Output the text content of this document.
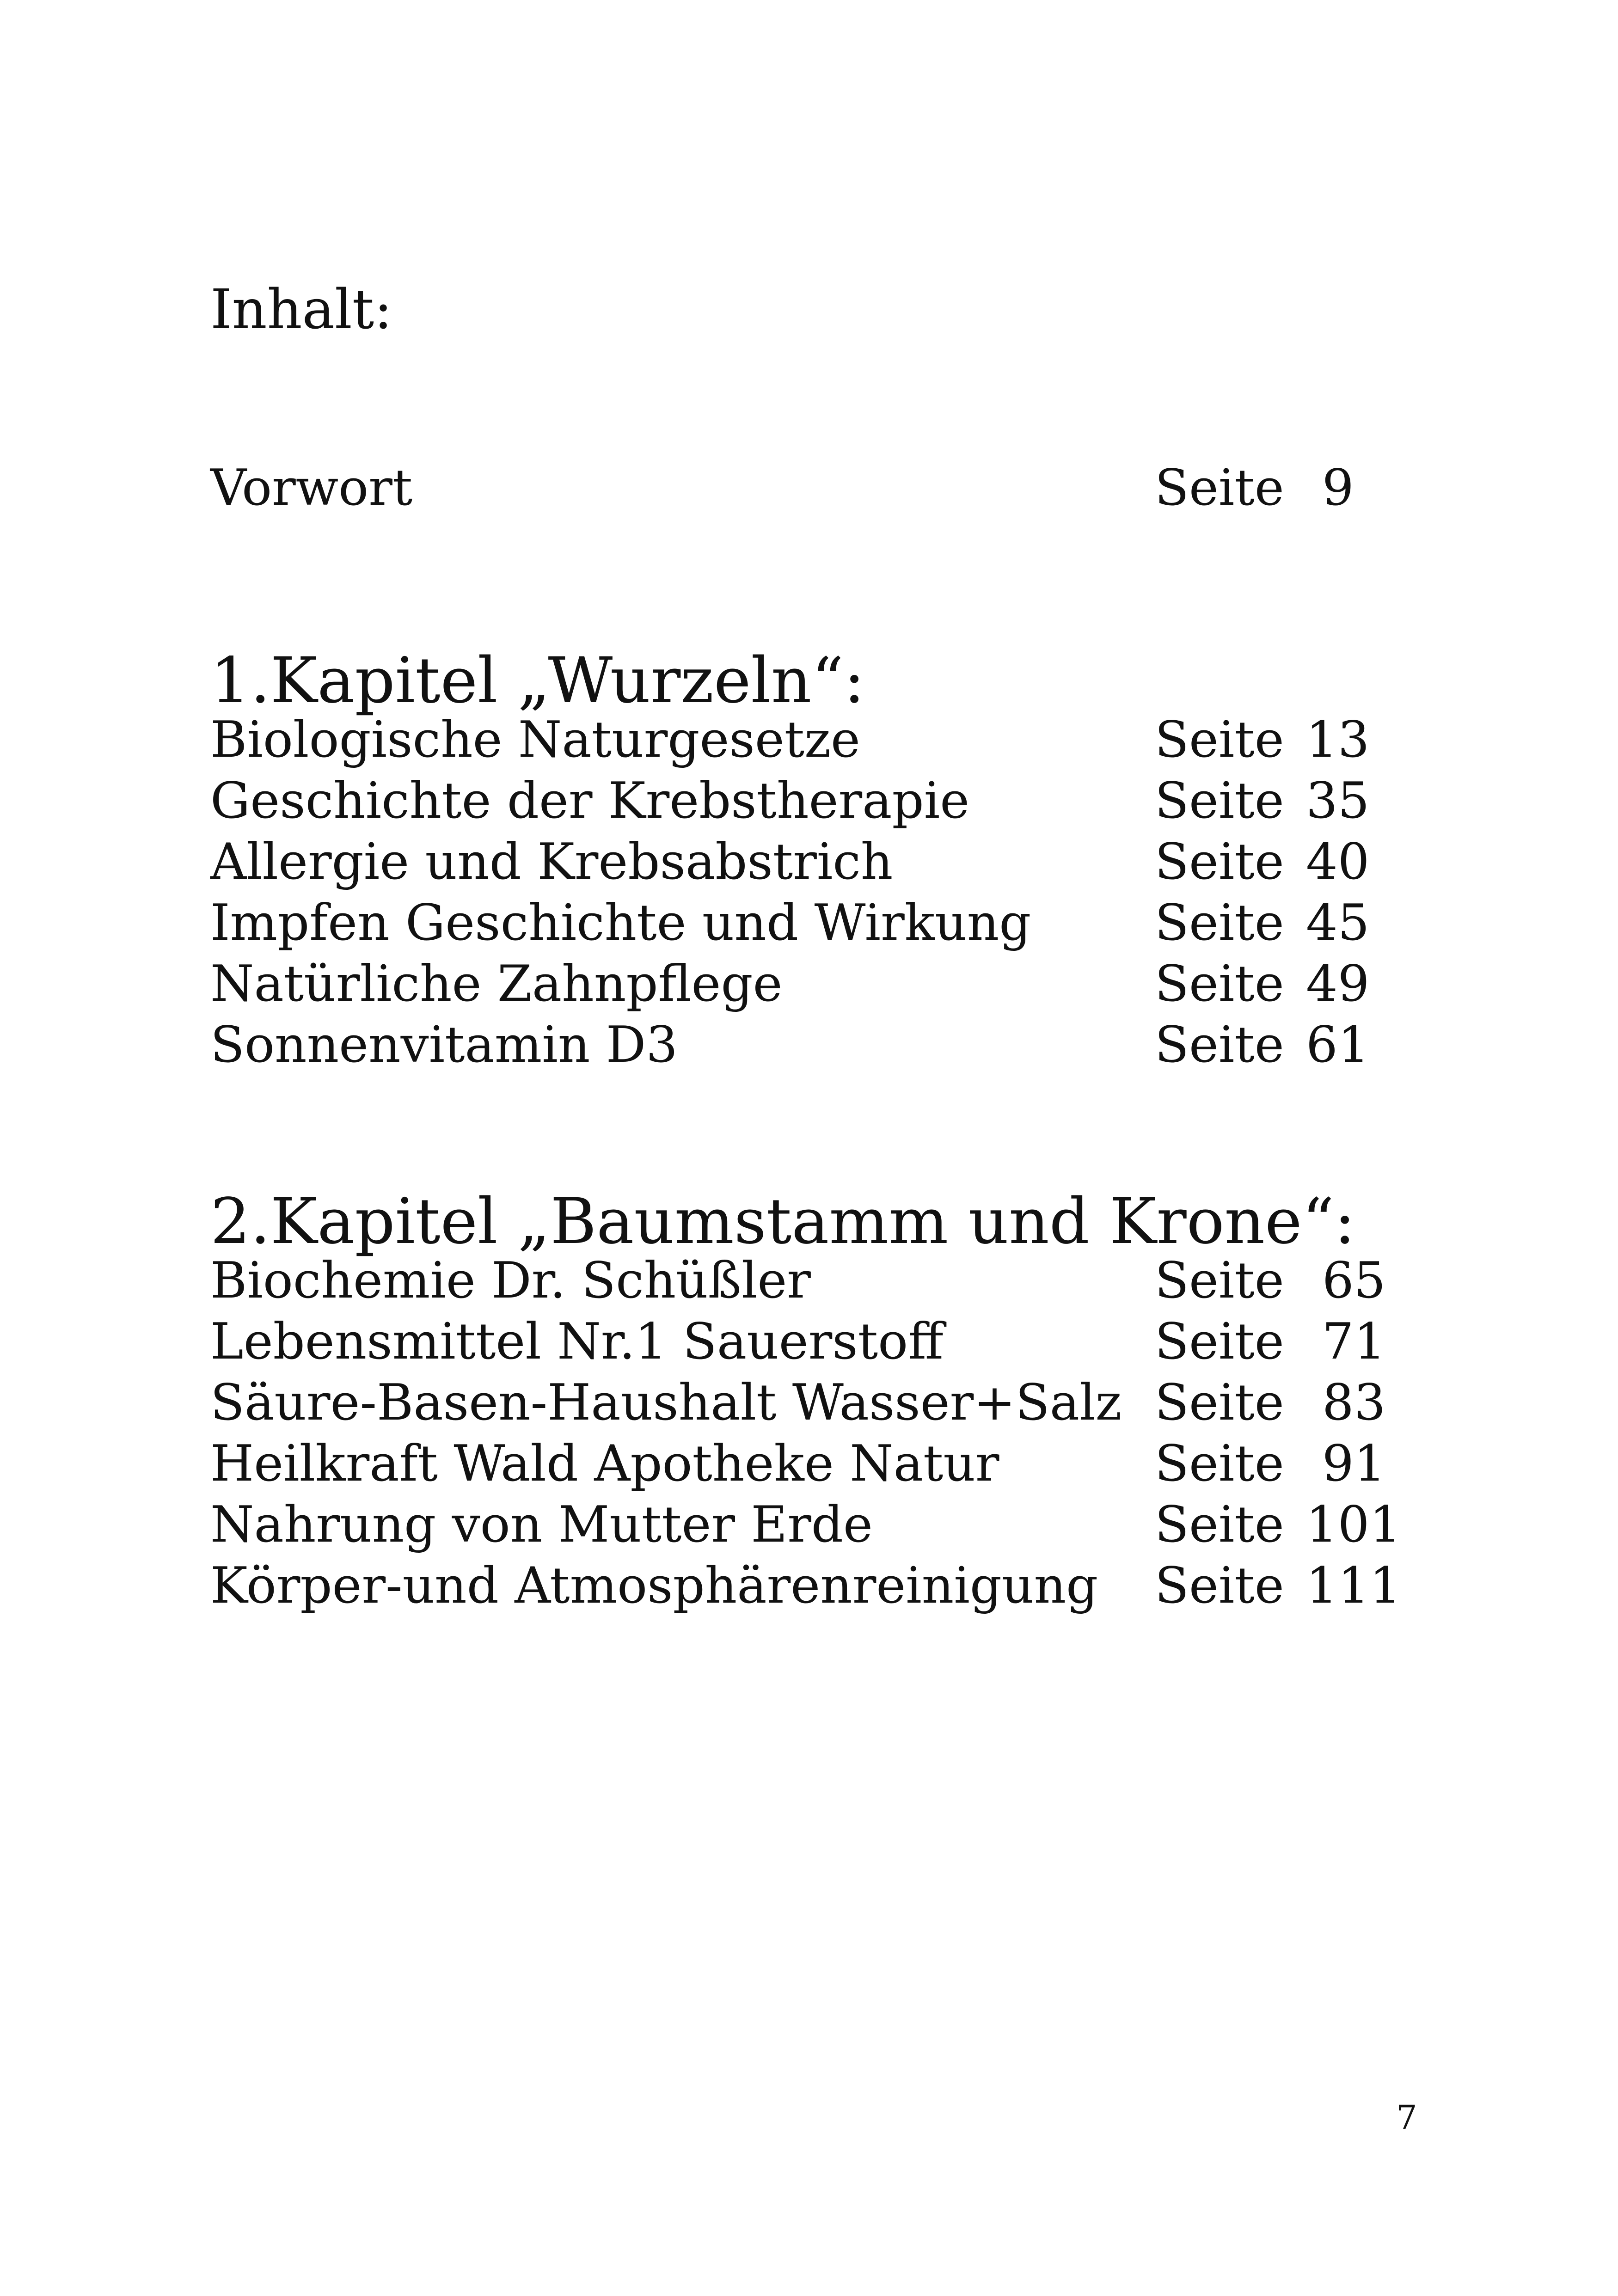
Inhalt:
Vorwort	Seite 9
1.Kapitel „Wurzeln“:
Biologische Naturgesetze	Seite 13
Geschichte der Krebstherapie	Seite 35
Allergie und Krebsabstrich	Seite 40
Impfen Geschichte und Wirkung Seite 45
Natürliche Zahnpflege	Seite 49
Sonnenvitamin D3	Seite 61
2.Kapitel „Baumstamm und Krone“:
Biochemie Dr. Schüßler	Seite 65
Lebensmittel Nr.1 Sauerstoff	Seite 71
Säure-Basen-Haushalt Wasser+Salz Seite 83
Heilkraft Wald Apotheke Natur	Seite 91
Nahrung von Mutter Erde	Seite 101
Körper-und Atmosphärenreinigung Seite 111
7
